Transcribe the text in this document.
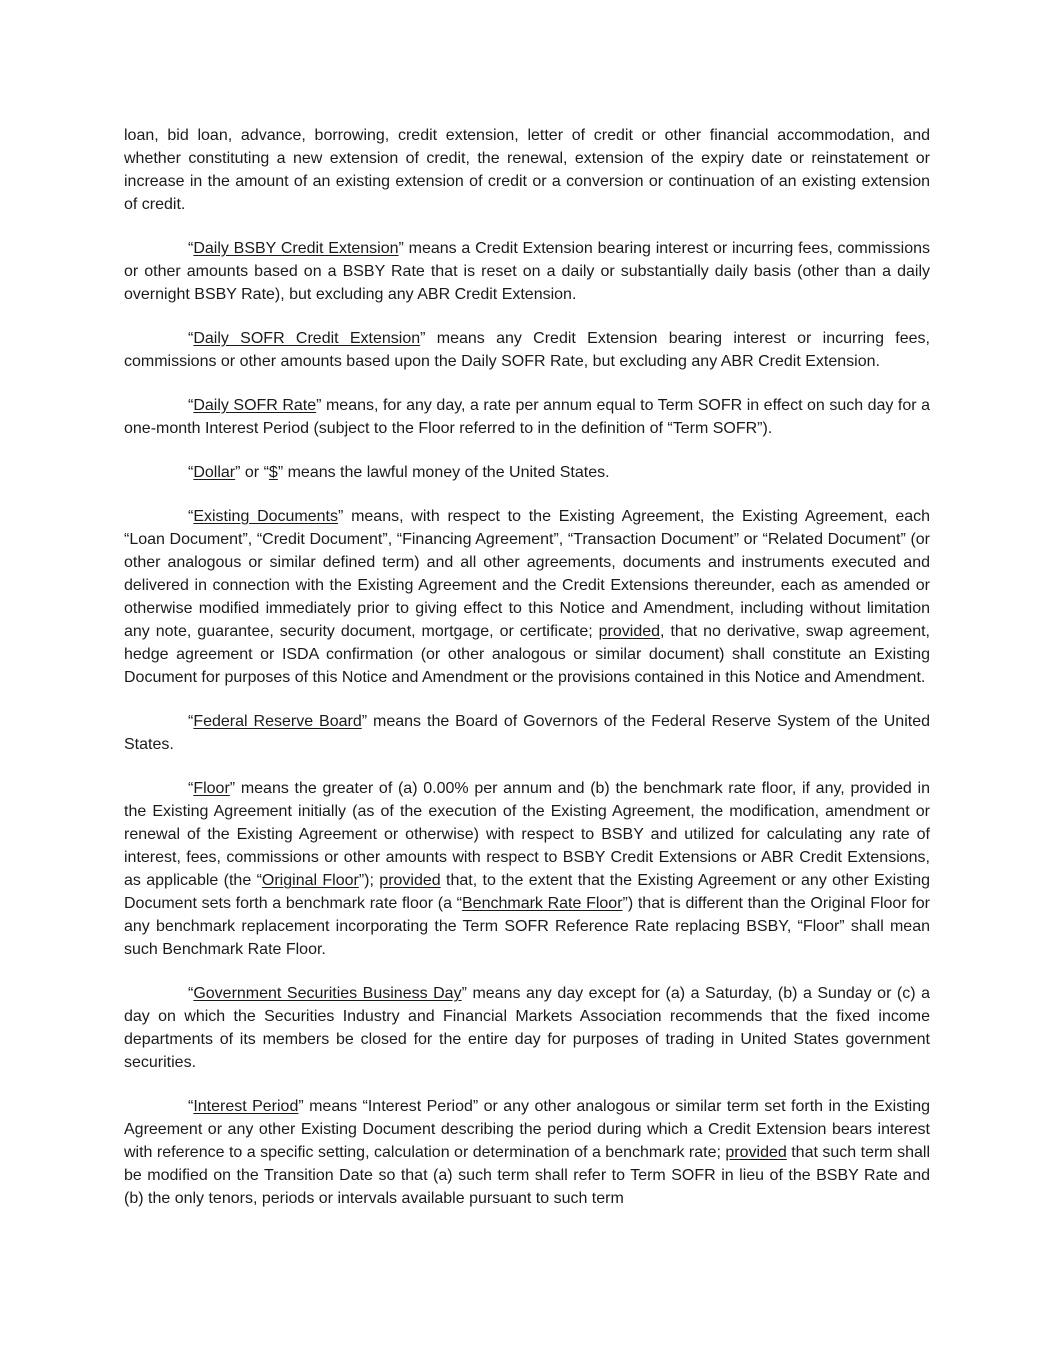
loan, bid loan, advance, borrowing, credit extension, letter of credit or other financial accommodation, and whether constituting a new extension of credit, the renewal, extension of the expiry date or reinstatement or increase in the amount of an existing extension of credit or a conversion or continuation of an existing extension of credit.

“Daily BSBY Credit Extension” means a Credit Extension bearing interest or incurring fees, commissions or other amounts based on a BSBY Rate that is reset on a daily or substantially daily basis (other than a daily overnight BSBY Rate), but excluding any ABR Credit Extension.

“Daily SOFR Credit Extension” means any Credit Extension bearing interest or incurring fees, commissions or other amounts based upon the Daily SOFR Rate, but excluding any ABR Credit Extension.

“Daily SOFR Rate” means, for any day, a rate per annum equal to Term SOFR in effect on such day for a one-month Interest Period (subject to the Floor referred to in the definition of “Term SOFR”).

“Dollar” or “$” means the lawful money of the United States.

“Existing Documents” means, with respect to the Existing Agreement, the Existing Agreement, each “Loan Document”, “Credit Document”, “Financing Agreement”, “Transaction Document” or “Related Document” (or other analogous or similar defined term) and all other agreements, documents and instruments executed and delivered in connection with the Existing Agreement and the Credit Extensions thereunder, each as amended or otherwise modified immediately prior to giving effect to this Notice and Amendment, including without limitation any note, guarantee, security document, mortgage, or certificate; provided, that no derivative, swap agreement, hedge agreement or ISDA confirmation (or other analogous or similar document) shall constitute an Existing Document for purposes of this Notice and Amendment or the provisions contained in this Notice and Amendment.

“Federal Reserve Board” means the Board of Governors of the Federal Reserve System of the United States.

“Floor” means the greater of (a) 0.00% per annum and (b) the benchmark rate floor, if any, provided in the Existing Agreement initially (as of the execution of the Existing Agreement, the modification, amendment or renewal of the Existing Agreement or otherwise) with respect to BSBY and utilized for calculating any rate of interest, fees, commissions or other amounts with respect to BSBY Credit Extensions or ABR Credit Extensions, as applicable (the “Original Floor”); provided that, to the extent that the Existing Agreement or any other Existing Document sets forth a benchmark rate floor (a “Benchmark Rate Floor”) that is different than the Original Floor for any benchmark replacement incorporating the Term SOFR Reference Rate replacing BSBY, “Floor” shall mean such Benchmark Rate Floor.

“Government Securities Business Day” means any day except for (a) a Saturday, (b) a Sunday or (c) a day on which the Securities Industry and Financial Markets Association recommends that the fixed income departments of its members be closed for the entire day for purposes of trading in United States government securities.

“Interest Period” means “Interest Period” or any other analogous or similar term set forth in the Existing Agreement or any other Existing Document describing the period during which a Credit Extension bears interest with reference to a specific setting, calculation or determination of a benchmark rate; provided that such term shall be modified on the Transition Date so that (a) such term shall refer to Term SOFR in lieu of the BSBY Rate and (b) the only tenors, periods or intervals available pursuant to such term
